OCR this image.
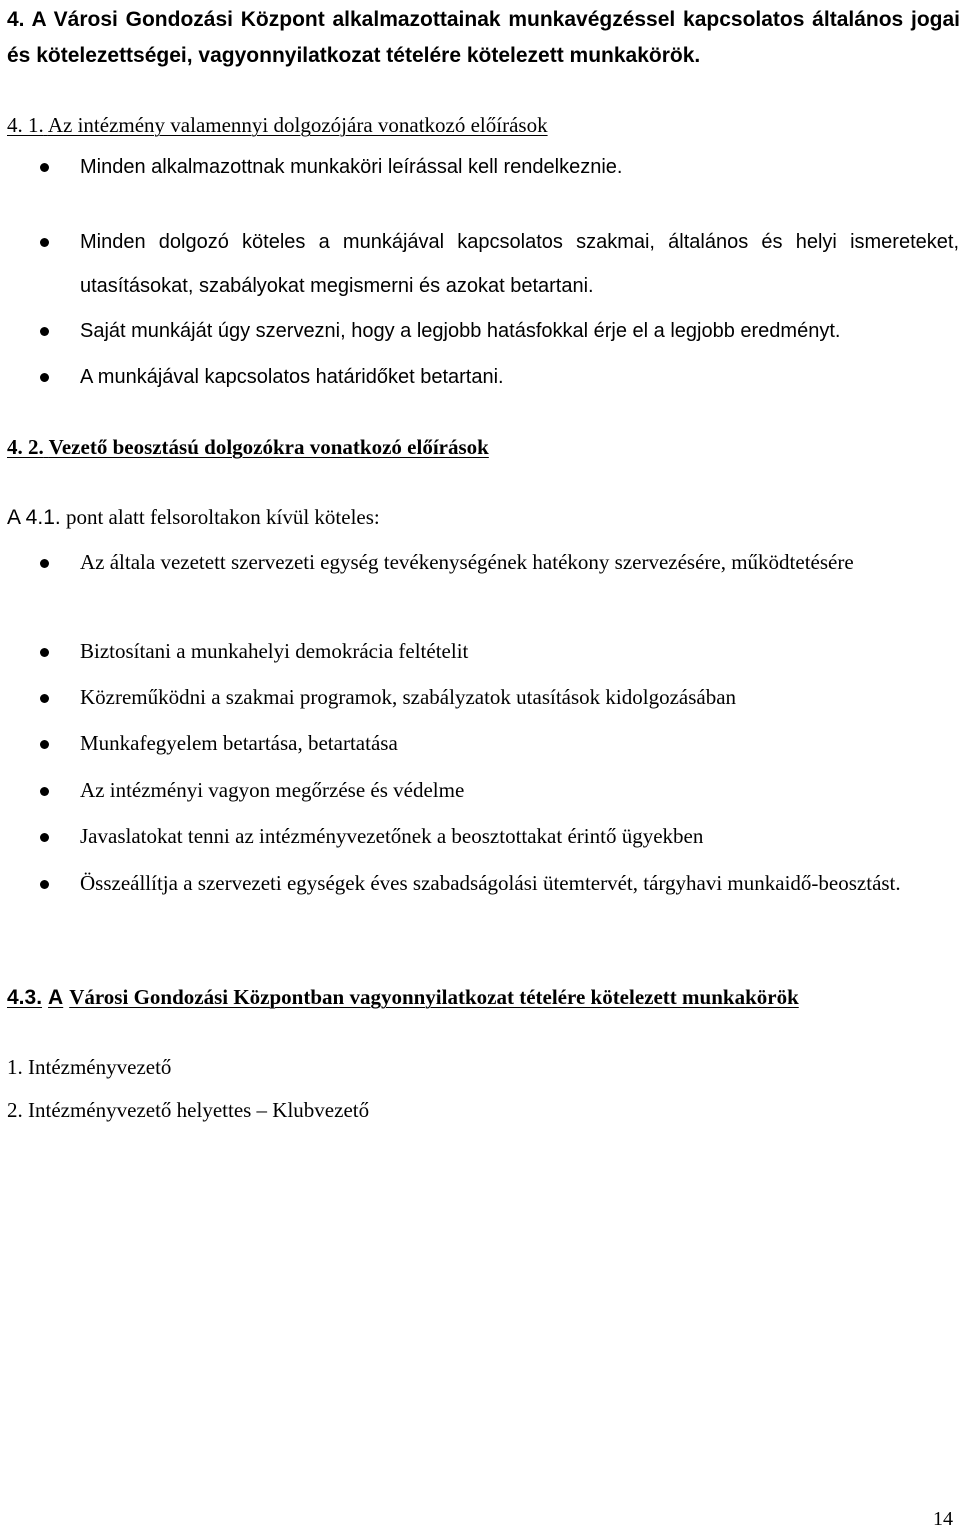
4. A Városi Gondozási Központ alkalmazottainak munkavégzéssel kapcsolatos általános jogai és kötelezettségei, vagyonnyilatkozat tételére kötelezett munkakörök.
4. 1. Az intézmény valamennyi dolgozójára vonatkozó előírások
Minden alkalmazottnak munkaköri leírással kell rendelkeznie.
Minden dolgozó köteles a munkájával kapcsolatos szakmai, általános és helyi ismereteket, utasításokat, szabályokat megismerni és azokat betartani.
Saját munkáját úgy szervezni, hogy a legjobb hatásfokkal érje el a legjobb eredményt.
A munkájával kapcsolatos határidőket betartani.
4. 2. Vezető beosztású dolgozókra vonatkozó előírások
A 4.1. pont alatt felsoroltakon kívül köteles:
Az általa vezetett szervezeti egység tevékenységének hatékony szervezésére, működtetésére
Biztosítani a munkahelyi demokrácia feltételit
Közreműködni a szakmai programok, szabályzatok utasítások kidolgozásában
Munkafegyelem betartása, betartatása
Az intézményi vagyon megőrzése és védelme
Javaslatokat tenni az intézményvezetőnek a beosztottakat érintő ügyekben
Összeállítja a szervezeti egységek éves szabadságolási ütemtervét, tárgyhavi munkaidő-beosztást.
4.3. A Városi Gondozási Központban vagyonnyilatkozat tételére kötelezett munkakörök
1. Intézményvezető
2. Intézményvezető helyettes – Klubvezető
14
